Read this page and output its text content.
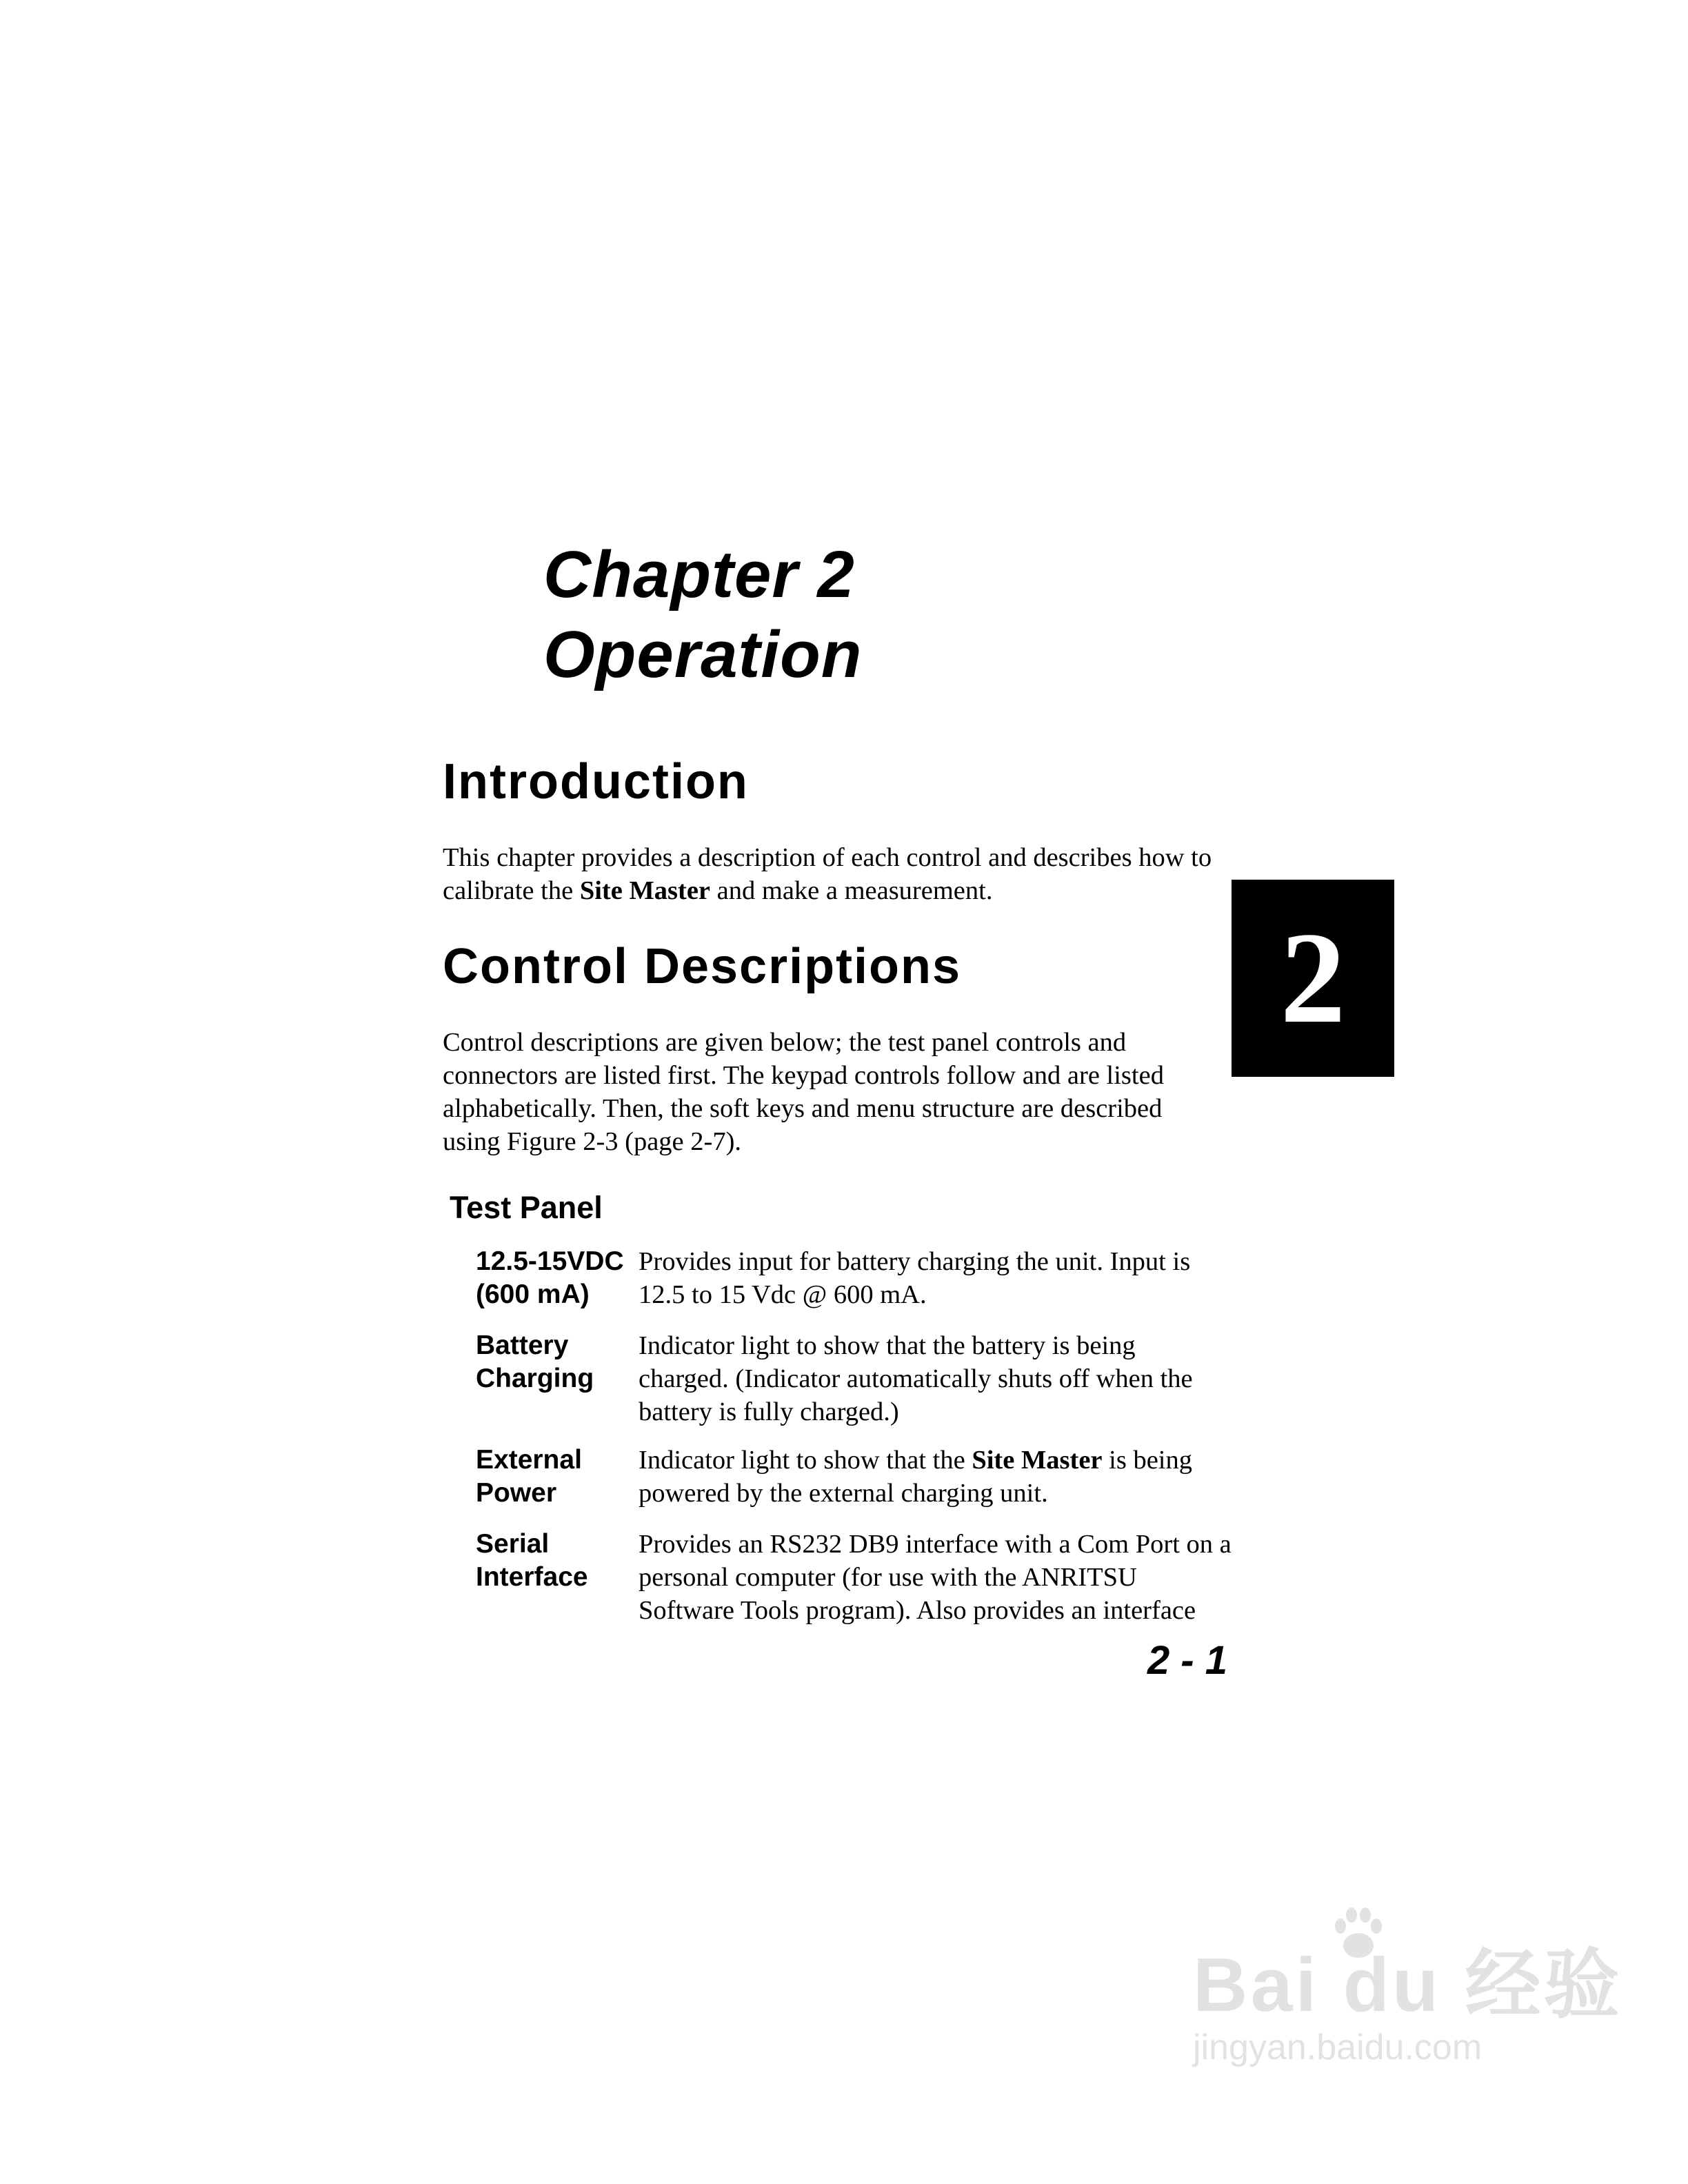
Chapter 2
Operation
2
Introduction

This chapter provides a description of each control and describes how to calibrate the Site Master and make a measurement.

Control Descriptions

Control descriptions are given below; the test panel controls and connectors are listed first. The keypad controls follow and are listed alphabetically. Then, the soft keys and menu structure are described using Figure 2-3 (page 2-7).

Test Panel
12.5-15VDC
(600 mA)

Provides input for battery charging the unit. Input is 12.5 to 15 Vdc @ 600 mA.

Battery
Charging

Indicator light to show that the battery is being charged. (Indicator automatically shuts off when the battery is fully charged.)

External
Power

Indicator light to show that the Site Master is being powered by the external charging unit.

Serial
Interface

Provides an RS232 DB9 interface with a Com Port on a personal computer (for use with the ANRITSU Software Tools program). Also provides an interface

2 - 1
Bai du 经验
jingyan.baidu.com
